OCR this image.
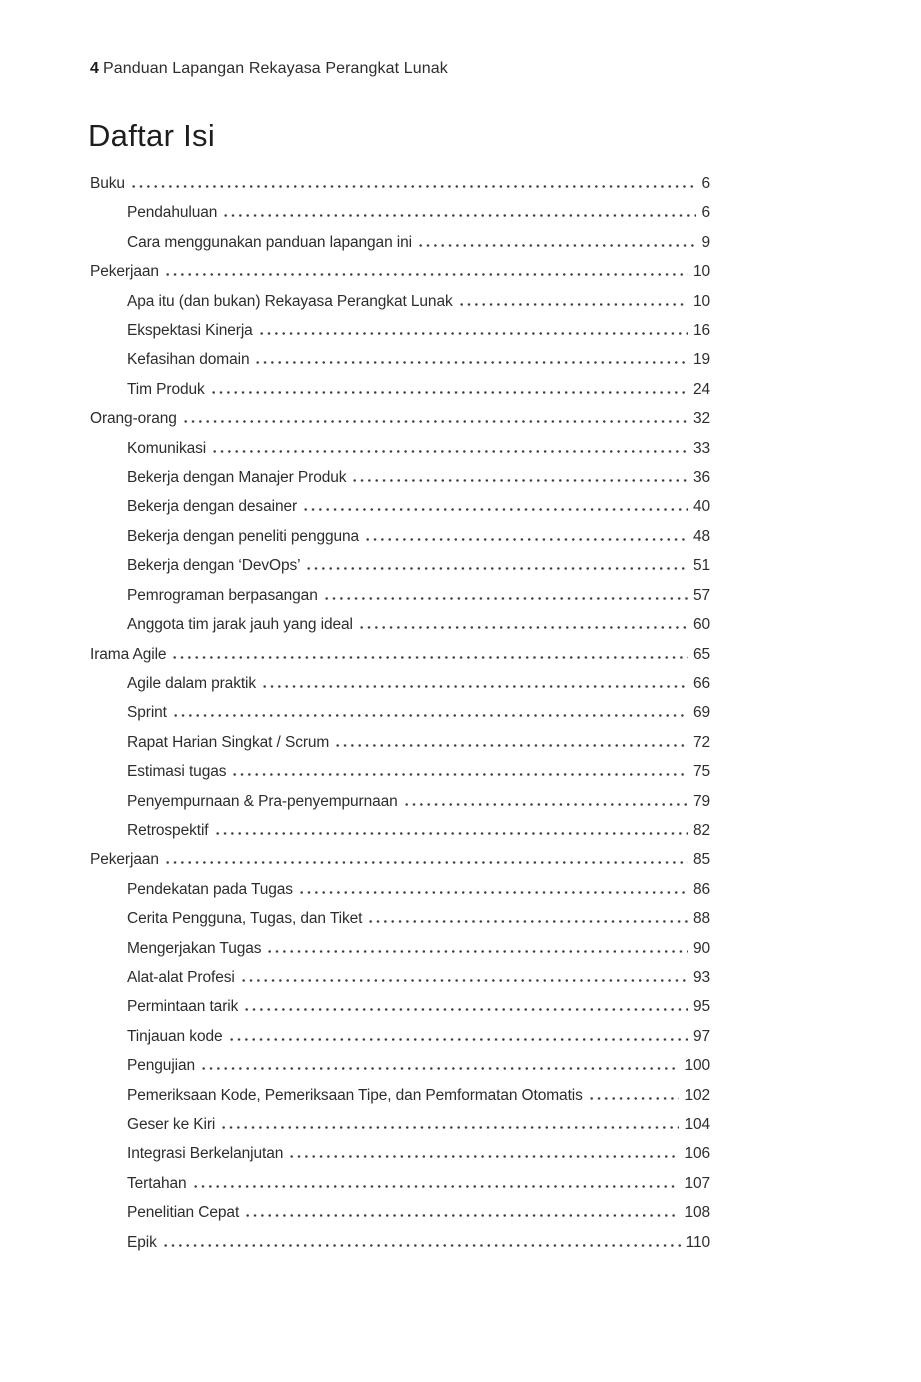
4 Panduan Lapangan Rekayasa Perangkat Lunak
Daftar Isi
Buku	6
Pendahuluan	6
Cara menggunakan panduan lapangan ini	9
Pekerjaan	10
Apa itu (dan bukan) Rekayasa Perangkat Lunak	10
Ekspektasi Kinerja	16
Kefasihan domain	19
Tim Produk	24
Orang-orang	32
Komunikasi	33
Bekerja dengan Manajer Produk	36
Bekerja dengan desainer	40
Bekerja dengan peneliti pengguna	48
Bekerja dengan ‘DevOps’	51
Pemrograman berpasangan	57
Anggota tim jarak jauh yang ideal	60
Irama Agile	65
Agile dalam praktik	66
Sprint	69
Rapat Harian Singkat / Scrum	72
Estimasi tugas	75
Penyempurnaan & Pra-penyempurnaan	79
Retrospektif	82
Pekerjaan	85
Pendekatan pada Tugas	86
Cerita Pengguna, Tugas, dan Tiket	88
Mengerjakan Tugas	90
Alat-alat Profesi	93
Permintaan tarik	95
Tinjauan kode	97
Pengujian	100
Pemeriksaan Kode, Pemeriksaan Tipe, dan Pemformatan Otomatis	102
Geser ke Kiri	104
Integrasi Berkelanjutan	106
Tertahan	107
Penelitian Cepat	108
Epik	110
